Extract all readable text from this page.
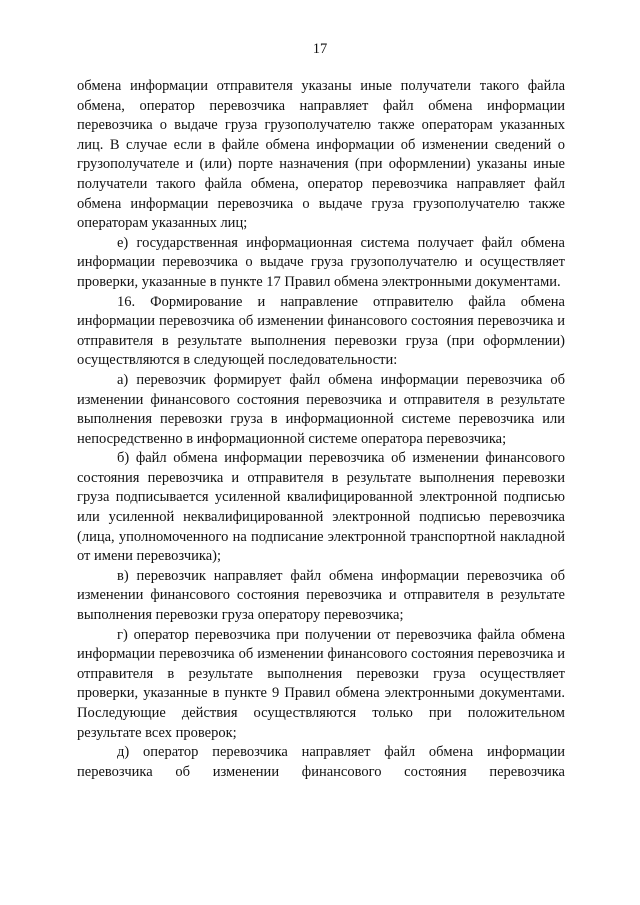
17

обмена информации отправителя указаны иные получатели такого файла обмена, оператор перевозчика направляет файл обмена информации перевозчика о выдаче груза грузополучателю также операторам указанных лиц. В случае если в файле обмена информации об изменении сведений о грузополучателе и (или) порте назначения (при оформлении) указаны иные получатели такого файла обмена, оператор перевозчика направляет файл обмена информации перевозчика о выдаче груза грузополучателю также операторам указанных лиц;

е) государственная информационная система получает файл обмена информации перевозчика о выдаче груза грузополучателю и осуществляет проверки, указанные в пункте 17 Правил обмена электронными документами.

16. Формирование и направление отправителю файла обмена информации перевозчика об изменении финансового состояния перевозчика и отправителя в результате выполнения перевозки груза (при оформлении) осуществляются в следующей последовательности:

а) перевозчик формирует файл обмена информации перевозчика об изменении финансового состояния перевозчика и отправителя в результате выполнения перевозки груза в информационной системе перевозчика или непосредственно в информационной системе оператора перевозчика;

б) файл обмена информации перевозчика об изменении финансового состояния перевозчика и отправителя в результате выполнения перевозки груза подписывается усиленной квалифицированной электронной подписью или усиленной неквалифицированной электронной подписью перевозчика (лица, уполномоченного на подписание электронной транспортной накладной от имени перевозчика);

в) перевозчик направляет файл обмена информации перевозчика об изменении финансового состояния перевозчика и отправителя в результате выполнения перевозки груза оператору перевозчика;

г) оператор перевозчика при получении от перевозчика файла обмена информации перевозчика об изменении финансового состояния перевозчика и отправителя в результате выполнения перевозки груза осуществляет проверки, указанные в пункте 9 Правил обмена электронными документами. Последующие действия осуществляются только при положительном результате всех проверок;

д) оператор перевозчика направляет файл обмена информации перевозчика об изменении финансового состояния перевозчика
